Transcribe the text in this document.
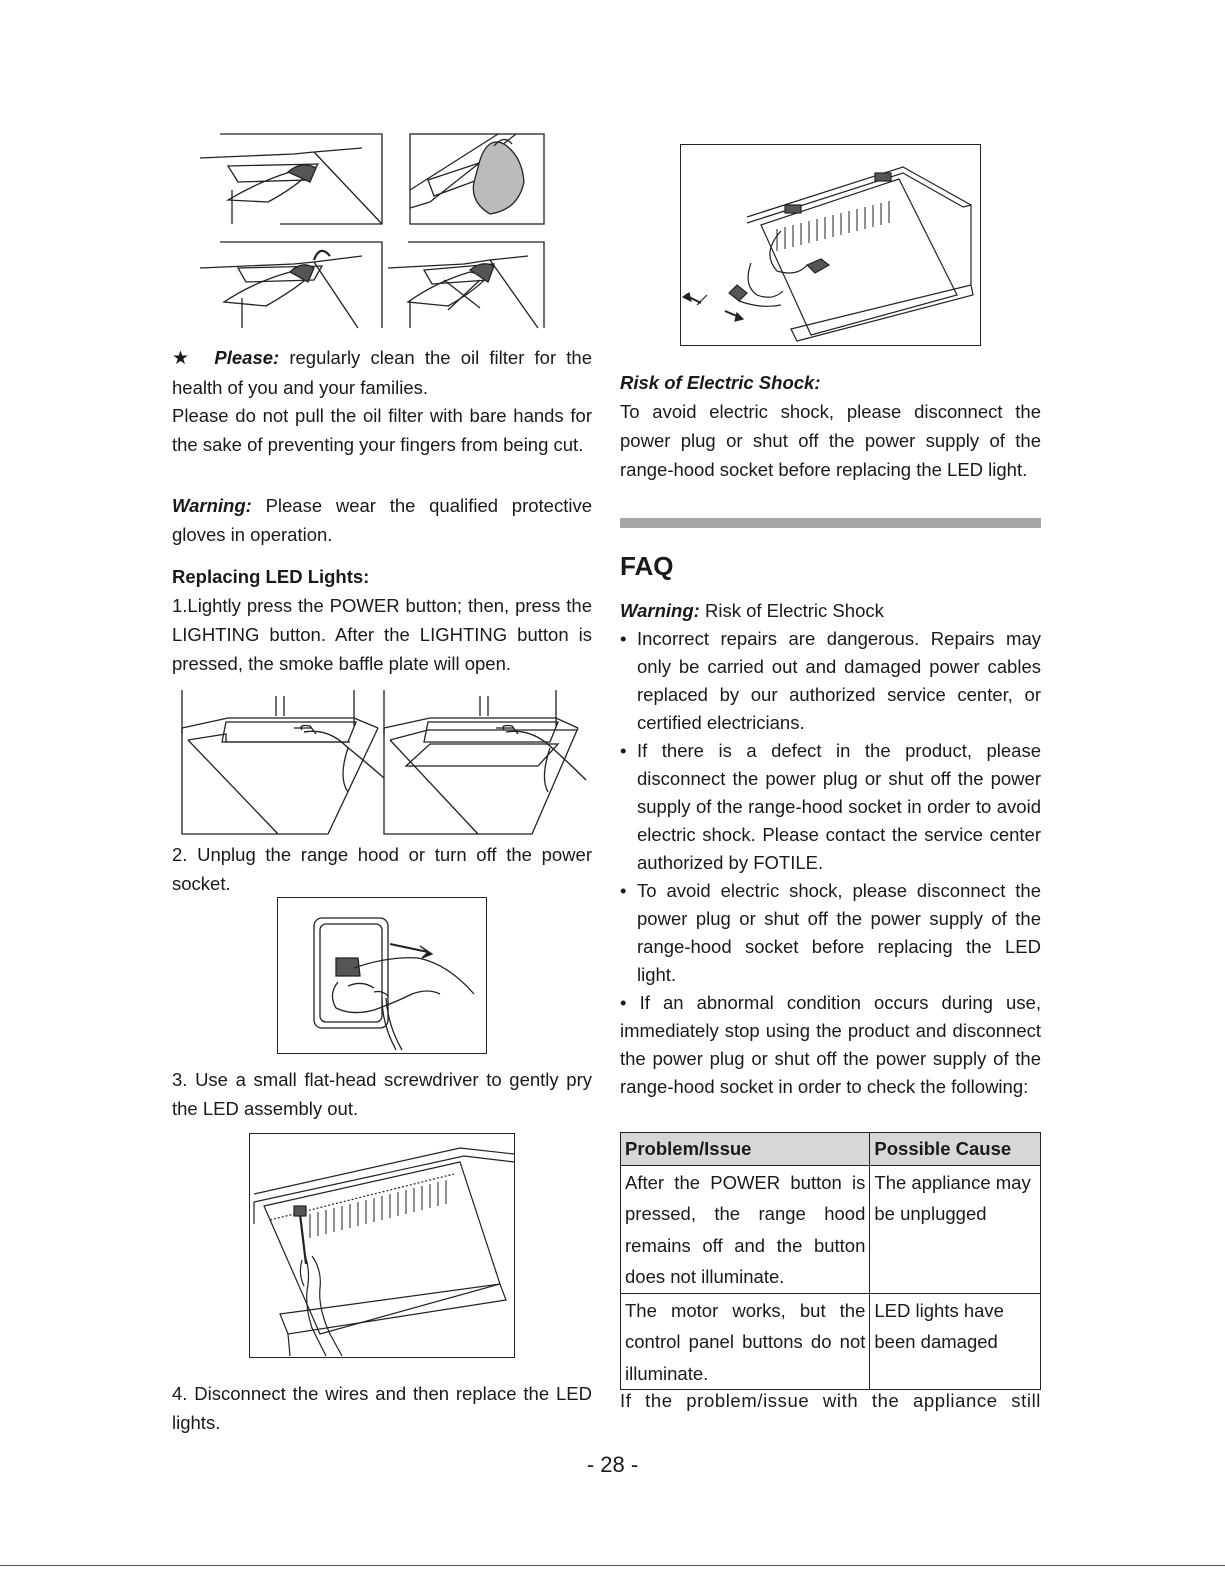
★ Please: regularly clean the oil filter for the health of you and your families.

Please do not pull the oil filter with bare hands for the sake of preventing your fingers from being cut.

Warning: Please wear the qualified protective gloves in operation.

Replacing LED Lights:

1.Lightly press the POWER button; then, press the LIGHTING button. After the LIGHTING button is pressed, the smoke baffle plate will open.

2. Unplug the range hood or turn off the power socket.

3. Use a small flat-head screwdriver to gently pry the LED assembly out.

4. Disconnect the wires and then replace the LED lights.

Risk of Electric Shock:

To avoid electric shock, please disconnect the power plug or shut off the power supply of the range-hood socket before replacing the LED light.

FAQ

Warning: Risk of Electric Shock

• Incorrect repairs are dangerous. Repairs may only be carried out and damaged power cables replaced by our authorized service center, or certified electricians.

• If there is a defect in the product, please disconnect the power plug or shut off the power supply of the range-hood socket in order to avoid electric shock. Please contact the service center authorized by FOTILE.

• To avoid electric shock, please disconnect the power plug or shut off the power supply of the range-hood socket before replacing the LED light.

• If an abnormal condition occurs during use, immediately stop using the product and disconnect the power plug or shut off the power supply of the range-hood socket in order to check the following:

Problem/Issue	Possible Cause
After the POWER button is pressed, the range hood remains off and the button does not illuminate.	The appliance may be unplugged
The motor works, but the control panel buttons do not illuminate.	LED lights have been damaged

If the problem/issue with the appliance still

- 28 -
